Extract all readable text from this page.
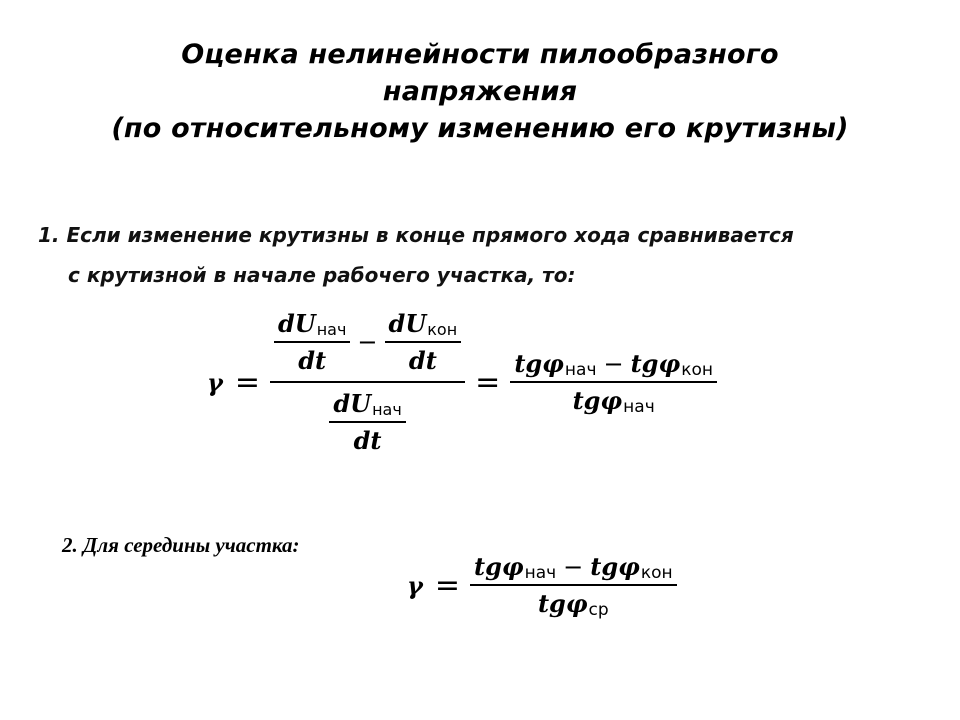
Оценка нелинейности пилообразного
напряжения
(по относительному изменению его крутизны)
1. Если изменение крутизны в конце прямого хода сравнивается
с крутизной в начале рабочего участка, то:
γ =
$\frac{\text{dU нач}}{dt} - \frac{\text{dU кон}}{dt}$
$\frac{\text{dU нач}}{dt}$
= $\frac{\text{tgφ нач − tgφ кон}}{\text{tgφ нач}}$
2. Для середины участка:
$\gamma = \frac{\text{tgφ нач − tgφ кон}}{\text{tgφ ср}}$
